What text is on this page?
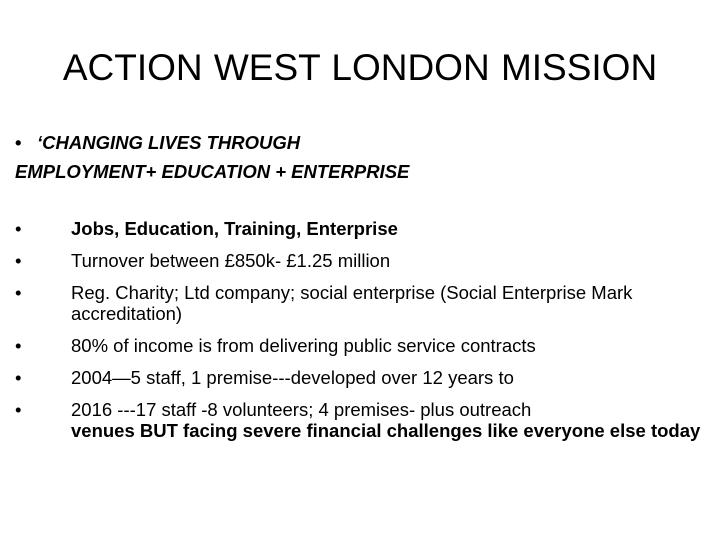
ACTION WEST LONDON MISSION
• ‘CHANGING LIVES THROUGH
EMPLOYMENT+ EDUCATION + ENTERPRISE
•	Jobs, Education, Training, Enterprise
•	Turnover between £850k- £1.25 million
•	Reg. Charity; Ltd company; social enterprise (Social Enterprise Mark accreditation)
•	80% of income is from delivering public service contracts
•	2004—5 staff, 1 premise---developed over 12 years to
•	2016 ---17 staff -8 volunteers; 4 premises- plus outreach
venues BUT facing severe financial challenges like everyone else today
